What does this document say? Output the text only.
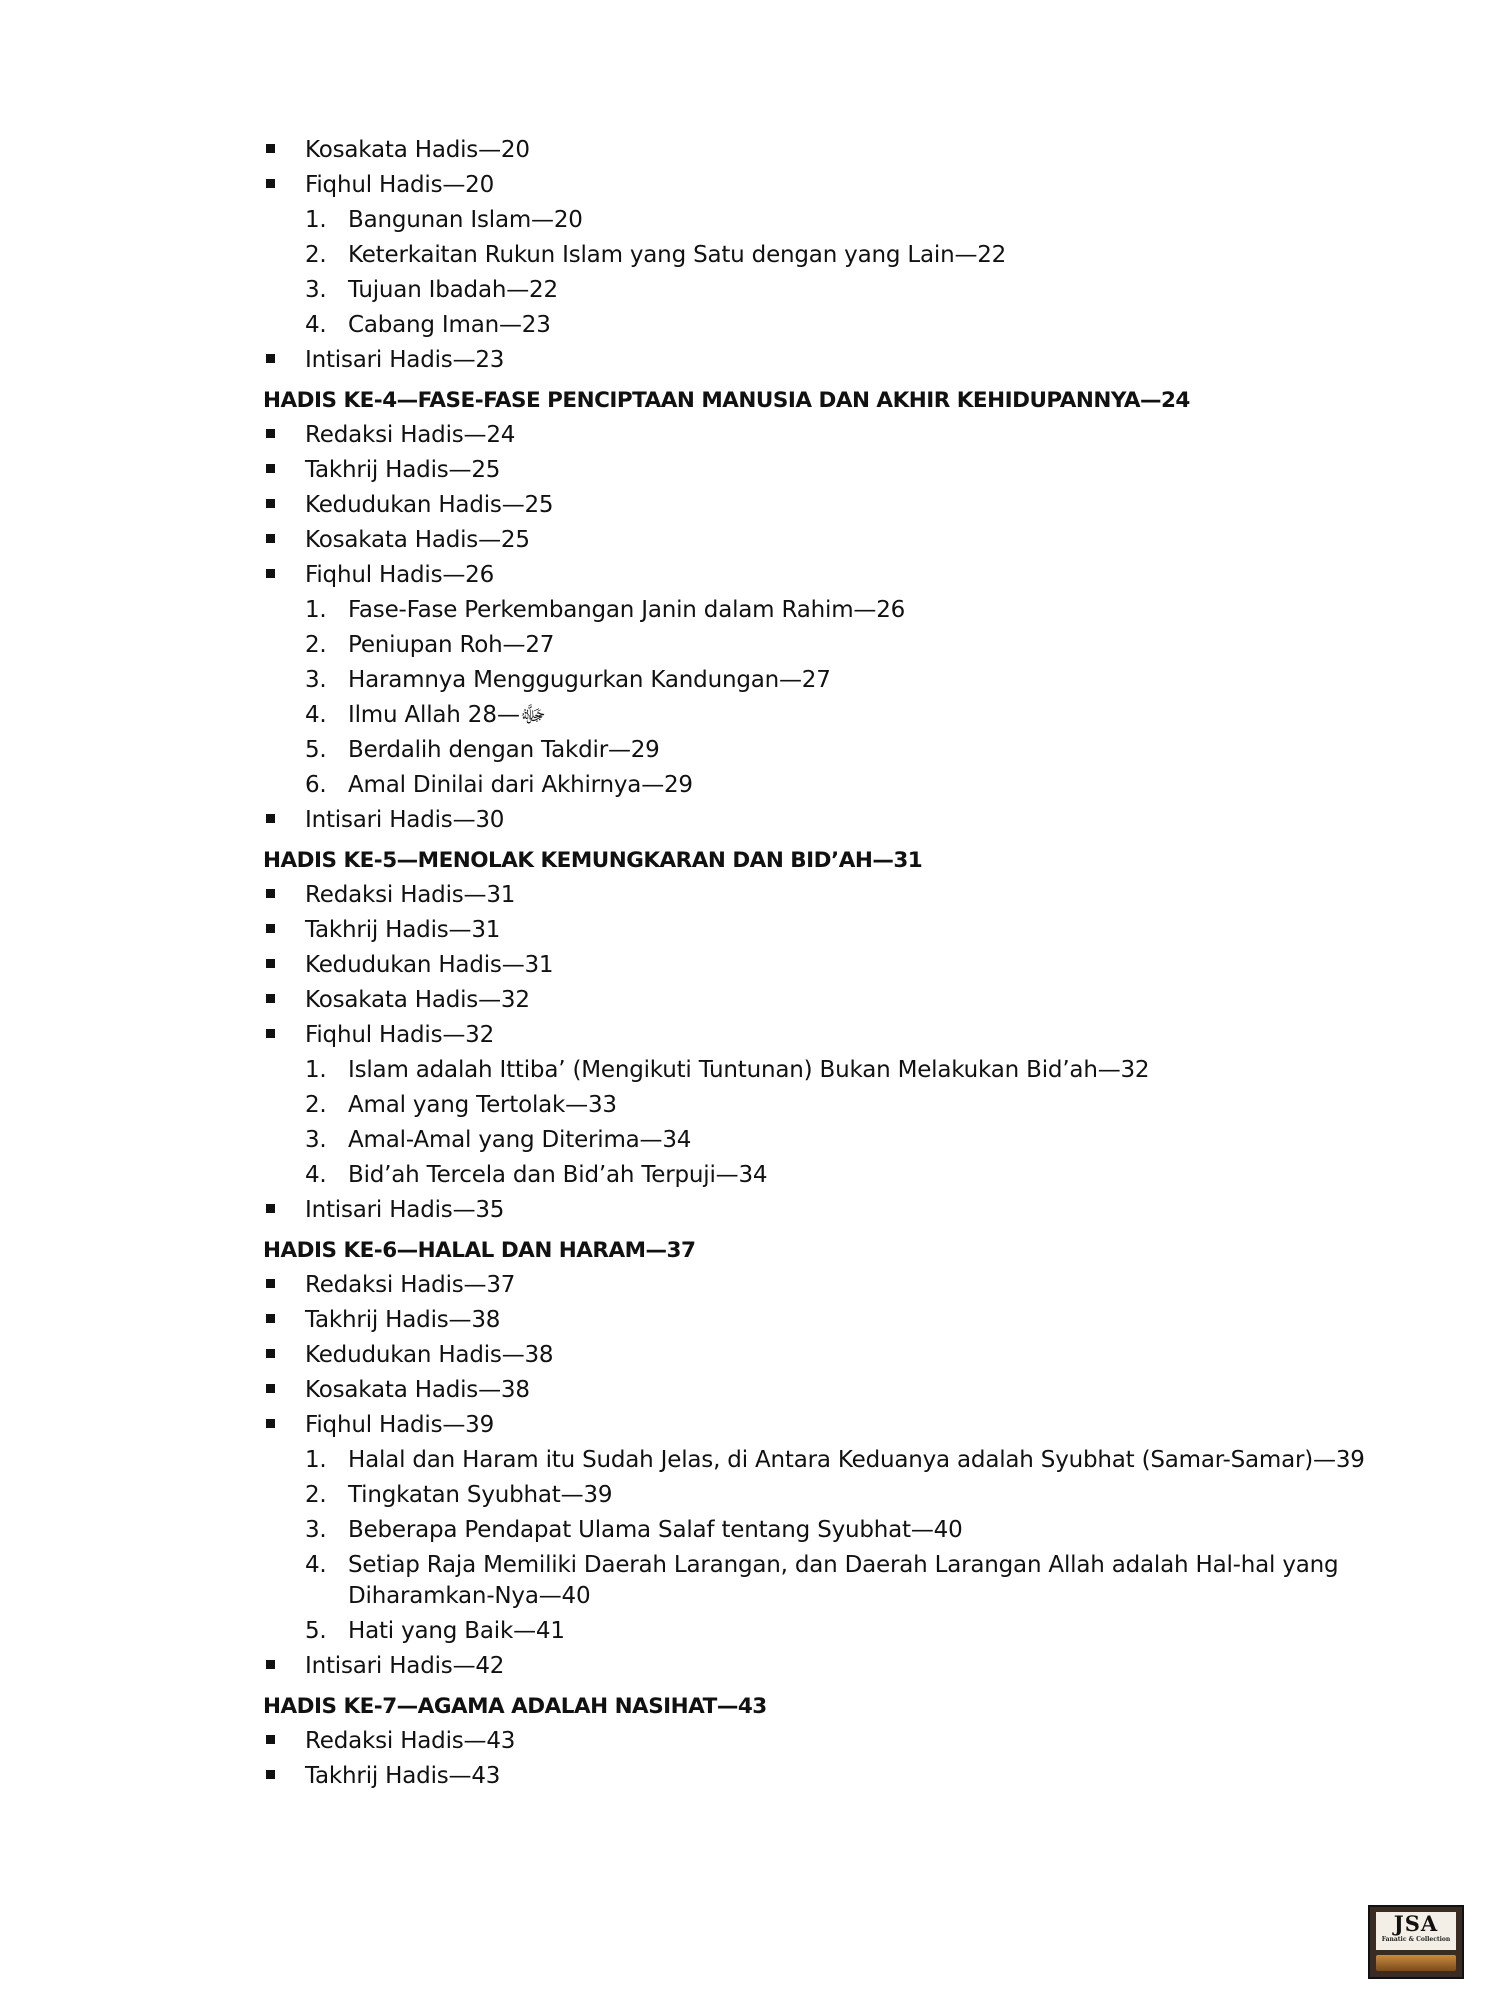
Kosakata Hadis—20
Fiqhul Hadis—20
1. Bangunan Islam—20
2. Keterkaitan Rukun Islam yang Satu dengan yang Lain—22
3. Tujuan Ibadah—22
4. Cabang Iman—23
Intisari Hadis—23
HADIS KE-4—FASE-FASE PENCIPTAAN MANUSIA DAN AKHIR KEHIDUPANNYA—24
Redaksi Hadis—24
Takhrij Hadis—25
Kedudukan Hadis—25
Kosakata Hadis—25
Fiqhul Hadis—26
1. Fase-Fase Perkembangan Janin dalam Rahim—26
2. Peniupan Roh—27
3. Haramnya Menggugurkan Kandungan—27
4. Ilmu Allah ﷻ—28
5. Berdalih dengan Takdir—29
6. Amal Dinilai dari Akhirnya—29
Intisari Hadis—30
HADIS KE-5—MENOLAK KEMUNGKARAN DAN BID’AH—31
Redaksi Hadis—31
Takhrij Hadis—31
Kedudukan Hadis—31
Kosakata Hadis—32
Fiqhul Hadis—32
1. Islam adalah Ittiba’ (Mengikuti Tuntunan) Bukan Melakukan Bid’ah—32
2. Amal yang Tertolak—33
3. Amal-Amal yang Diterima—34
4. Bid’ah Tercela dan Bid’ah Terpuji—34
Intisari Hadis—35
HADIS KE-6—HALAL DAN HARAM—37
Redaksi Hadis—37
Takhrij Hadis—38
Kedudukan Hadis—38
Kosakata Hadis—38
Fiqhul Hadis—39
1. Halal dan Haram itu Sudah Jelas, di Antara Keduanya adalah Syubhat (Samar-Samar)—39
2. Tingkatan Syubhat—39
3. Beberapa Pendapat Ulama Salaf tentang Syubhat—40
4. Setiap Raja Memiliki Daerah Larangan, dan Daerah Larangan Allah adalah Hal-hal yang Diharamkan-Nya—40
5. Hati yang Baik—41
Intisari Hadis—42
HADIS KE-7—AGAMA ADALAH NASIHAT—43
Redaksi Hadis—43
Takhrij Hadis—43
JSA
Fanatic & Collection
